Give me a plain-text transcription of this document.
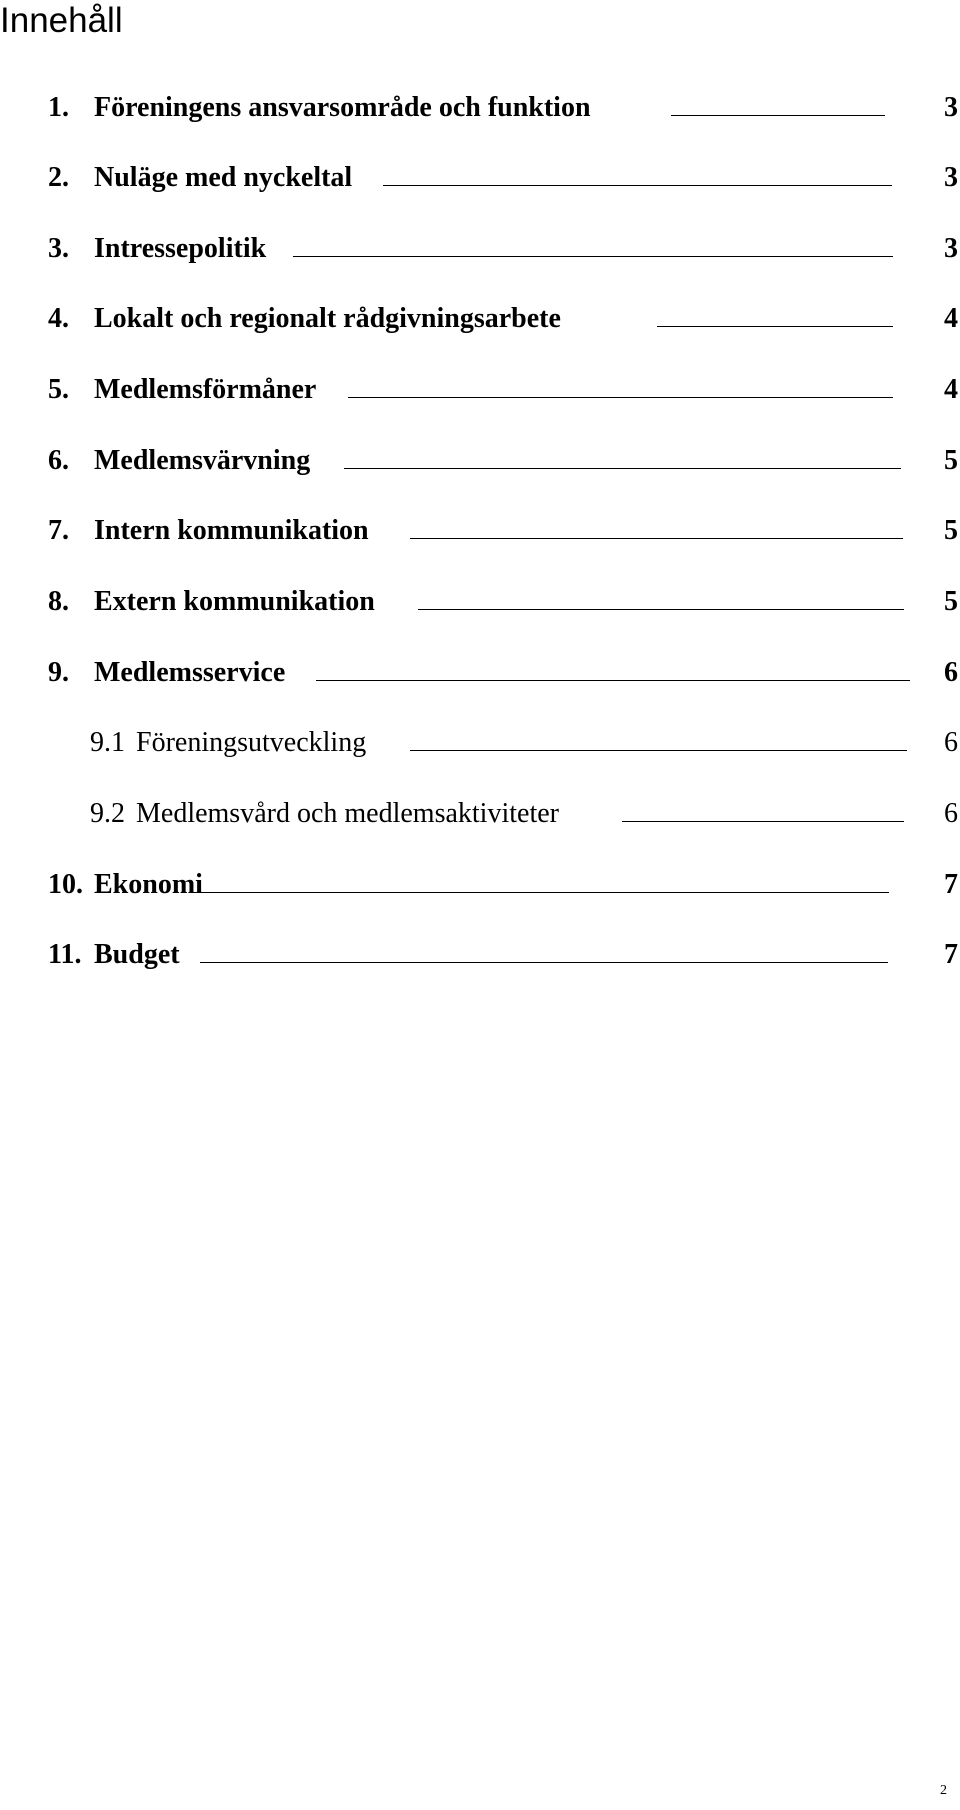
Innehåll
1. Föreningens ansvarsområde och funktion	3
2. Nuläge med nyckeltal	3
3. Intressepolitik	3
4. Lokalt och regionalt rådgivningsarbete	4
5. Medlemsförmåner	4
6. Medlemsvärvning	5
7. Intern kommunikation	5
8. Extern kommunikation	5
9. Medlemsservice	6
9.1 Föreningsutveckling	6
9.2 Medlemsvård och medlemsaktiviteter	6
10. Ekonomi	7
11. Budget	7
2
